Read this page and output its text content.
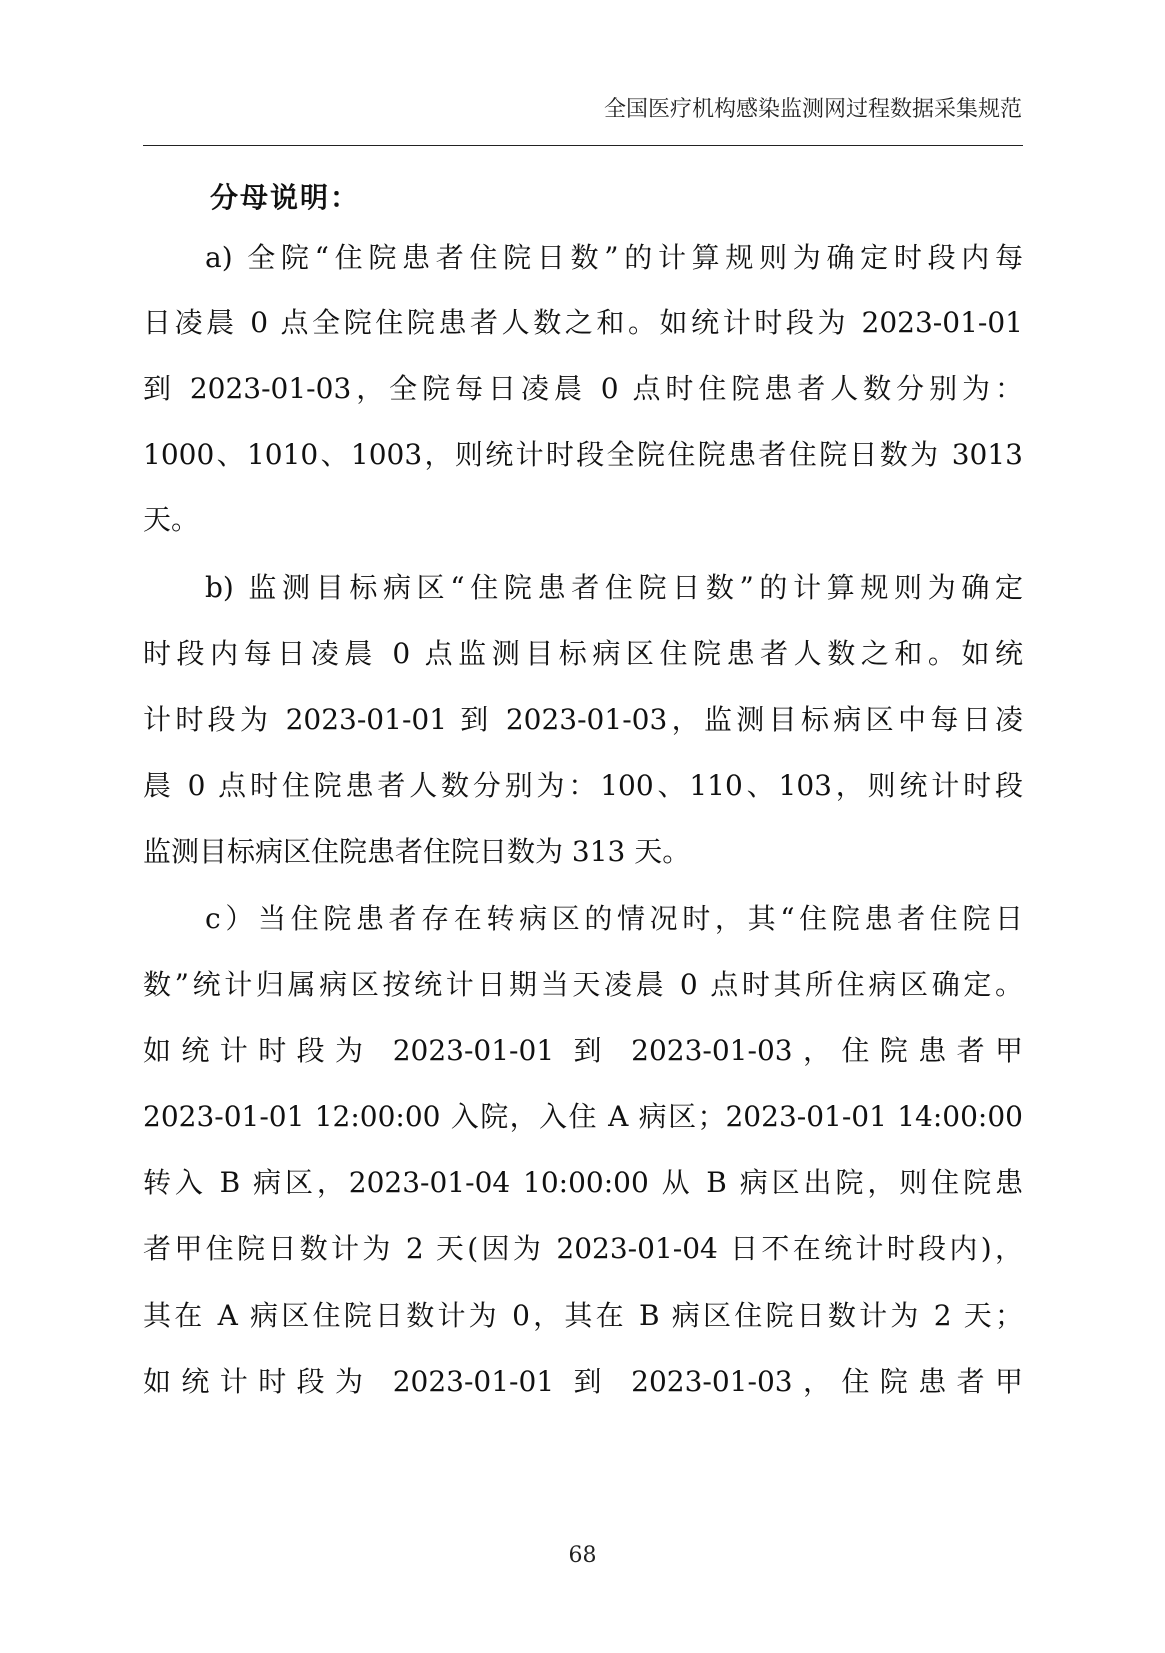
全国医疗机构感染监测网过程数据采集规范
分母说明：
a) 全院“住院患者住院日数”的计算规则为确定时段内每
日凌晨 0 点全院住院患者人数之和。如统计时段为 2023-01-01
到 2023-01-03，全院每日凌晨 0 点时住院患者人数分别为：
1000、1010、1003，则统计时段全院住院患者住院日数为 3013
天。
b) 监测目标病区“住院患者住院日数”的计算规则为确定
时段内每日凌晨 0 点监测目标病区住院患者人数之和。如统
计时段为 2023-01-01 到 2023-01-03，监测目标病区中每日凌
晨 0 点时住院患者人数分别为：100、110、103，则统计时段
监测目标病区住院患者住院日数为 313 天。
c）当住院患者存在转病区的情况时，其“住院患者住院日
数”统计归属病区按统计日期当天凌晨 0 点时其所住病区确定。
如统计时段为 2023-01-01 到 2023-01-03，住院患者甲
2023-01-01 12:00:00 入院，入住 A 病区；2023-01-01 14:00:00
转入 B 病区，2023-01-04 10:00:00 从 B 病区出院，则住院患
者甲住院日数计为 2 天(因为 2023-01-04 日不在统计时段内)，
其在 A 病区住院日数计为 0，其在 B 病区住院日数计为 2 天；
如统计时段为 2023-01-01 到 2023-01-03，住院患者甲
68
